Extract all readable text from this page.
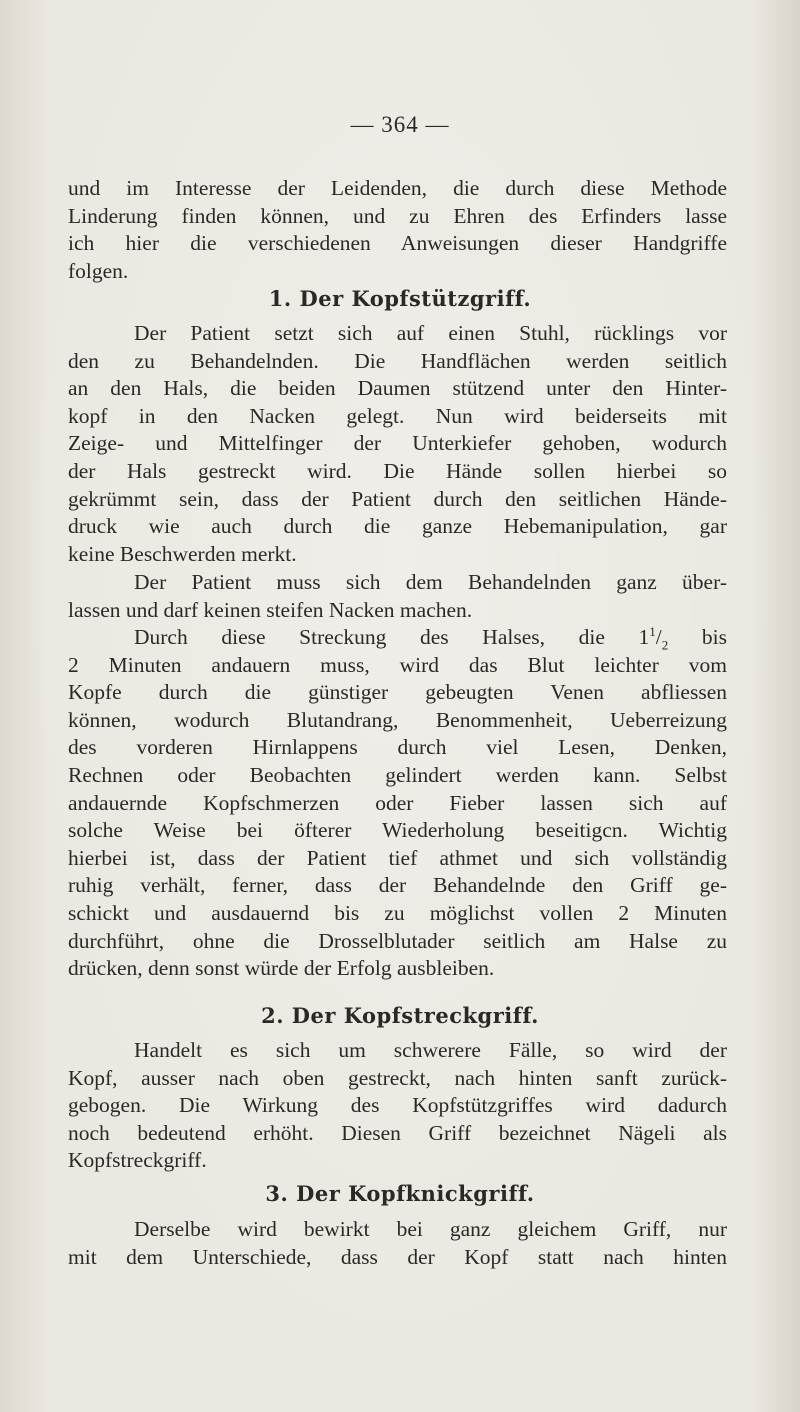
— 364 —
und im Interesse der Leidenden, die durch diese Methode
Linderung finden können, und zu Ehren des Erfinders lasse
ich hier die verschiedenen Anweisungen dieser Handgriffe
folgen.
1. Der Kopfstützgriff.
Der Patient setzt sich auf einen Stuhl, rücklings vor
den zu Behandelnden. Die Handflächen werden seitlich
an den Hals, die beiden Daumen stützend unter den Hinter-
kopf in den Nacken gelegt. Nun wird beiderseits mit
Zeige- und Mittelfinger der Unterkiefer gehoben, wodurch
der Hals gestreckt wird. Die Hände sollen hierbei so
gekrümmt sein, dass der Patient durch den seitlichen Hände-
druck wie auch durch die ganze Hebemanipulation, gar
keine Beschwerden merkt.
Der Patient muss sich dem Behandelnden ganz über-
lassen und darf keinen steifen Nacken machen.
Durch diese Streckung des Halses, die $1^1/_2$ bis
2 Minuten andauern muss, wird das Blut leichter vom
Kopfe durch die günstiger gebeugten Venen abfliessen
können, wodurch Blutandrang, Benommenheit, Ueberreizung
des vorderen Hirnlappens durch viel Lesen, Denken,
Rechnen oder Beobachten gelindert werden kann. Selbst
andauernde Kopfschmerzen oder Fieber lassen sich auf
solche Weise bei öfterer Wiederholung beseitigcn. Wichtig
hierbei ist, dass der Patient tief athmet und sich vollständig
ruhig verhält, ferner, dass der Behandelnde den Griff ge-
schickt und ausdauernd bis zu möglichst vollen 2 Minuten
durchführt, ohne die Drosselblutader seitlich am Halse zu
drücken, denn sonst würde der Erfolg ausbleiben.
2. Der Kopfstreckgriff.
Handelt es sich um schwerere Fälle, so wird der
Kopf, ausser nach oben gestreckt, nach hinten sanft zurück-
gebogen. Die Wirkung des Kopfstützgriffes wird dadurch
noch bedeutend erhöht. Diesen Griff bezeichnet Nägeli als
Kopfstreckgriff.
3. Der Kopfknickgriff.
Derselbe wird bewirkt bei ganz gleichem Griff, nur
mit dem Unterschiede, dass der Kopf statt nach hinten
